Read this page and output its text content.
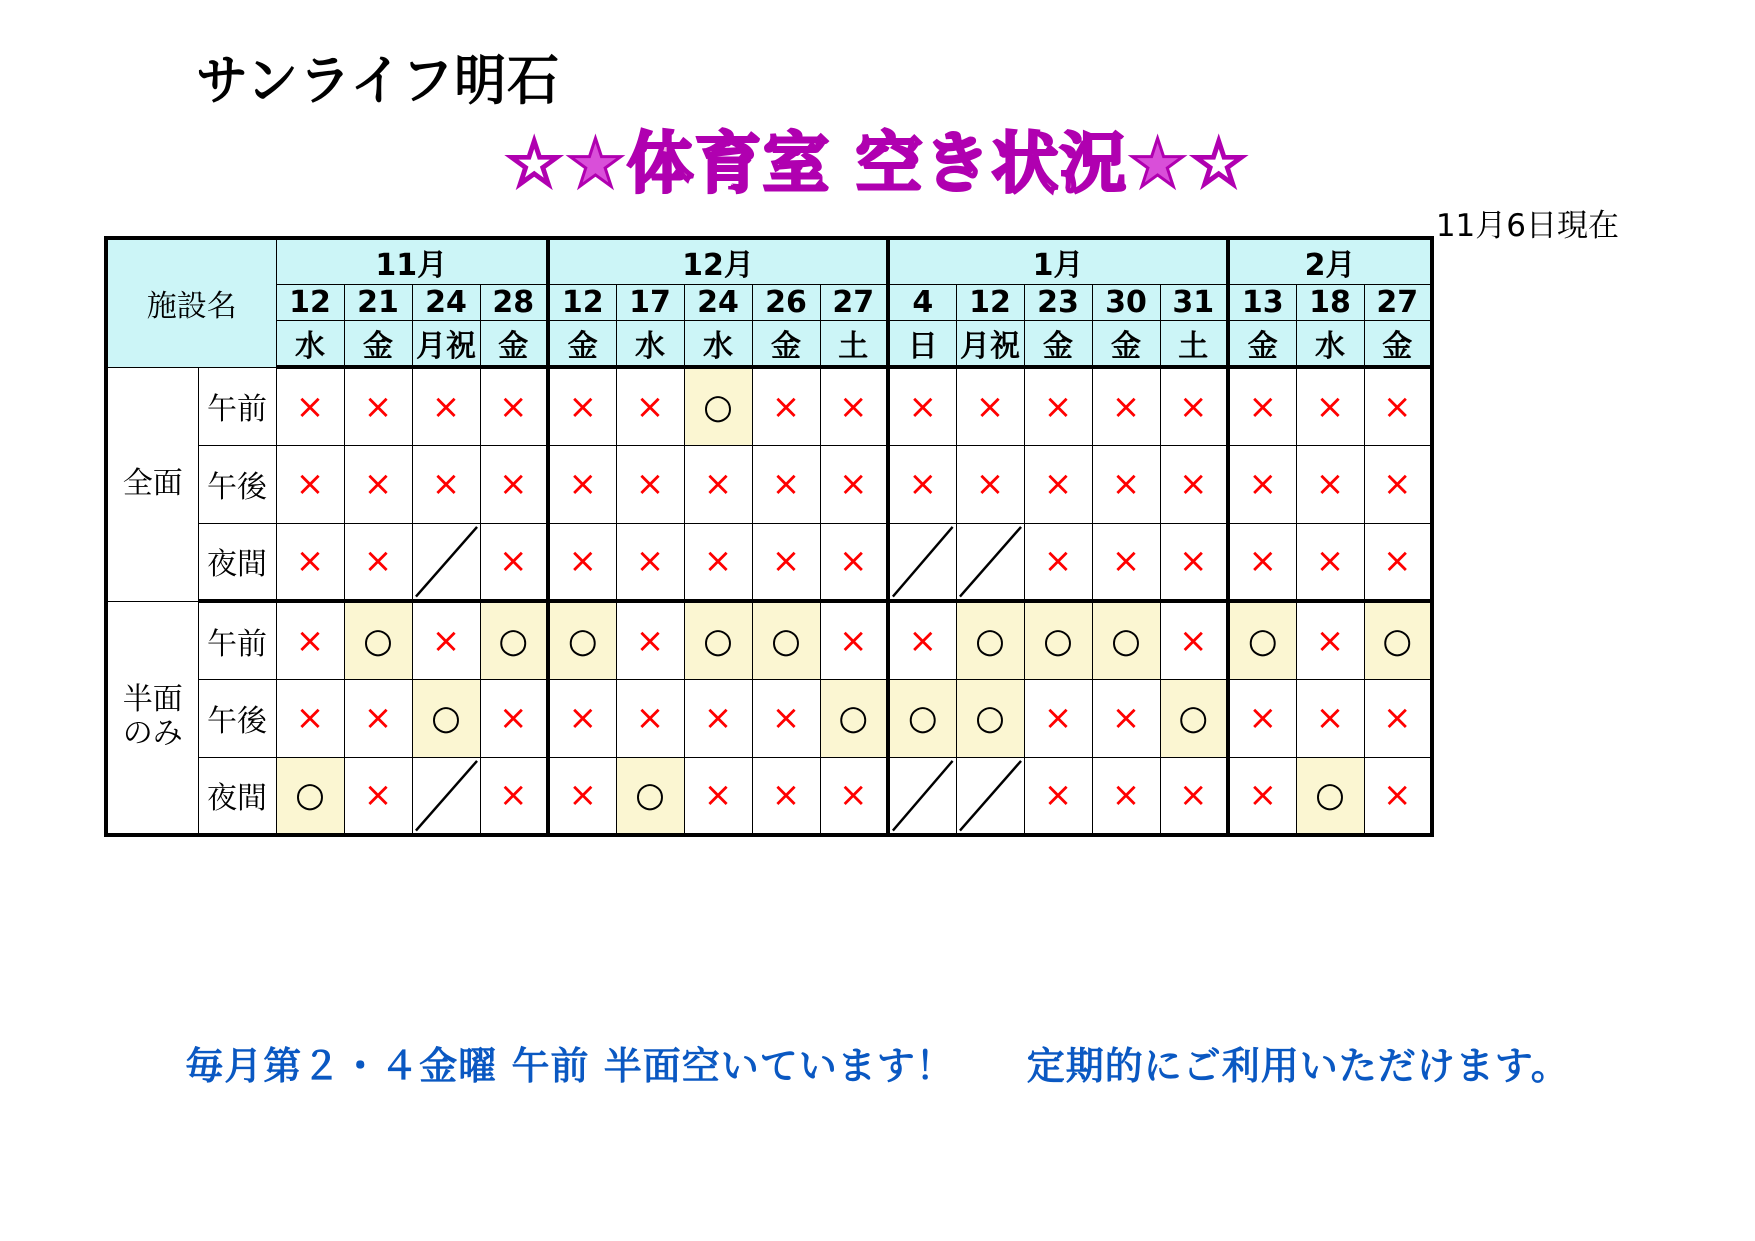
サンライフ明石
☆★体育室 空き状況★☆
11月6日現在
施設名		11月				12月					1月					2月		
		12	21	24	28	12	17	24	26	27	4	12	23	30	31	13	18	27
		水	金	月祝	金	金	水	水	金	土	日	月祝	金	金	土	金	水	金
全面	午前	×	×	×	×	×	×	○	×	×	×	×	×	×	×	×	×	×
	午後	×	×	×	×	×	×	×	×	×	×	×	×	×	×	×	×	×
	夜間	×	×		×	×	×	×	×	×			×	×	×	×	×	×

半面
のみ	午前	×	○	×	○	○	×	○	○	×	×	○	○	○	×	○	×	○
	午後	×	×	○	×	×	×	×	×	○	○	○	×	×	○	×	×	×
	夜間	○	×		×	×	○	×	×	×			×	×	×	×	○	×
毎月第２・４金曜 午前 半面空いています！ 定期的にご利用いただけます。
